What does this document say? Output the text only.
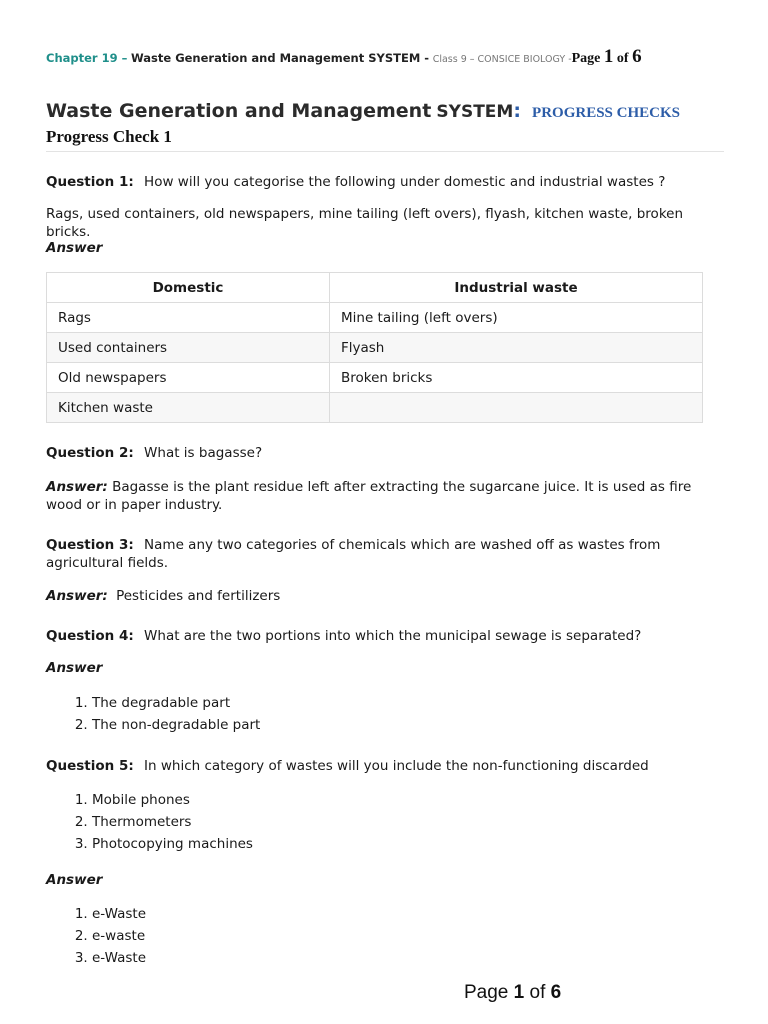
Chapter 19 – Waste Generation and Management SYSTEM - Class 9 – CONSICE BIOLOGY -Page 1 of 6
Waste Generation and Management SYSTEM: PROGRESS CHECKS
Progress Check 1
Question 1: How will you categorise the following under domestic and industrial wastes ?
Rags, used containers, old newspapers, mine tailing (left overs), flyash, kitchen waste, broken bricks.
Answer
Domestic	Industrial waste
Rags	Mine tailing (left overs)
Used containers	Flyash
Old newspapers	Broken bricks
Kitchen waste	
Question 2: What is bagasse?
Answer: Bagasse is the plant residue left after extracting the sugarcane juice. It is used as fire wood or in paper industry.
Question 3: Name any two categories of chemicals which are washed off as wastes from agricultural fields.
Answer: Pesticides and fertilizers
Question 4: What are the two portions into which the municipal sewage is separated?
Answer
1. The degradable part
2. The non-degradable part
Question 5: In which category of wastes will you include the non-functioning discarded
1. Mobile phones
2. Thermometers
3. Photocopying machines
Answer
1. e-Waste
2. e-waste
3. e-Waste
Page 1 of 6
